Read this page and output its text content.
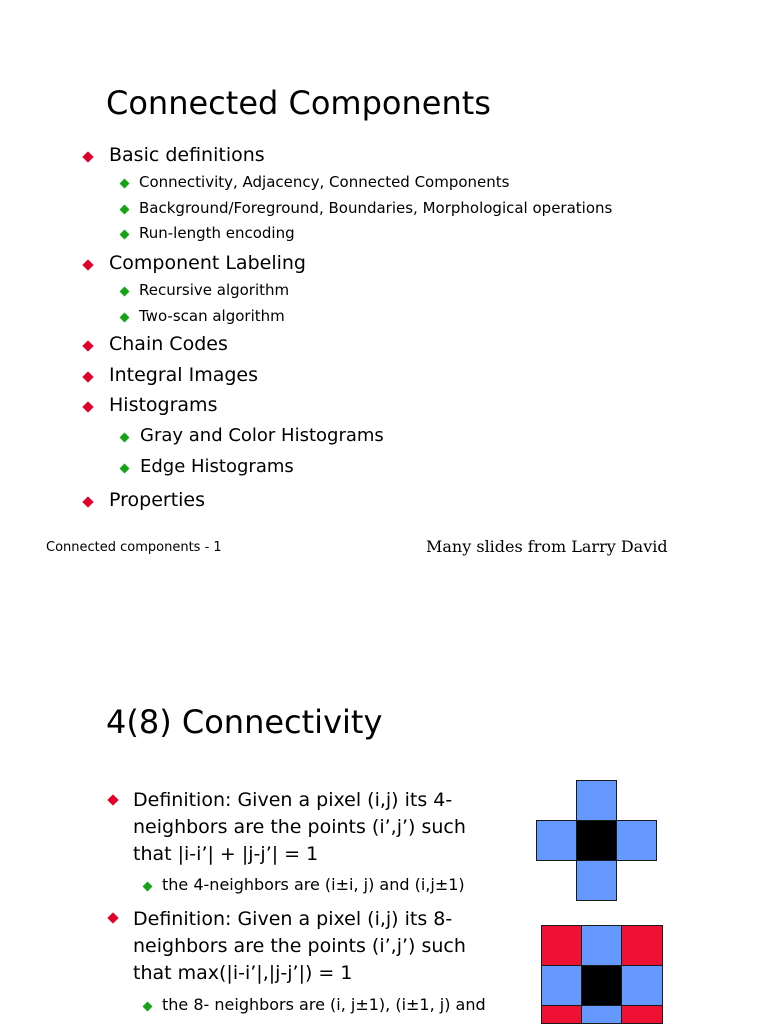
Connected Components
Basic definitions
Connectivity, Adjacency, Connected Components
Background/Foreground, Boundaries, Morphological operations
Run-length encoding
Component Labeling
Recursive algorithm
Two-scan algorithm
Chain Codes
Integral Images
Histograms
Gray and Color Histograms
Edge Histograms
Properties
Connected components - 1	Many slides from Larry David
4(8) Connectivity
Definition: Given a pixel (i,j) its 4-
neighbors are the points (i’,j’) such
that |i-i’| + |j-j’| = 1
the 4-neighbors are (i±i, j) and (i,j±1)
Definition: Given a pixel (i,j) its 8-
neighbors are the points (i’,j’) such
that max(|i-i’|,|j-j’|) = 1
the 8- neighbors are (i, j±1), (i±1, j) and
